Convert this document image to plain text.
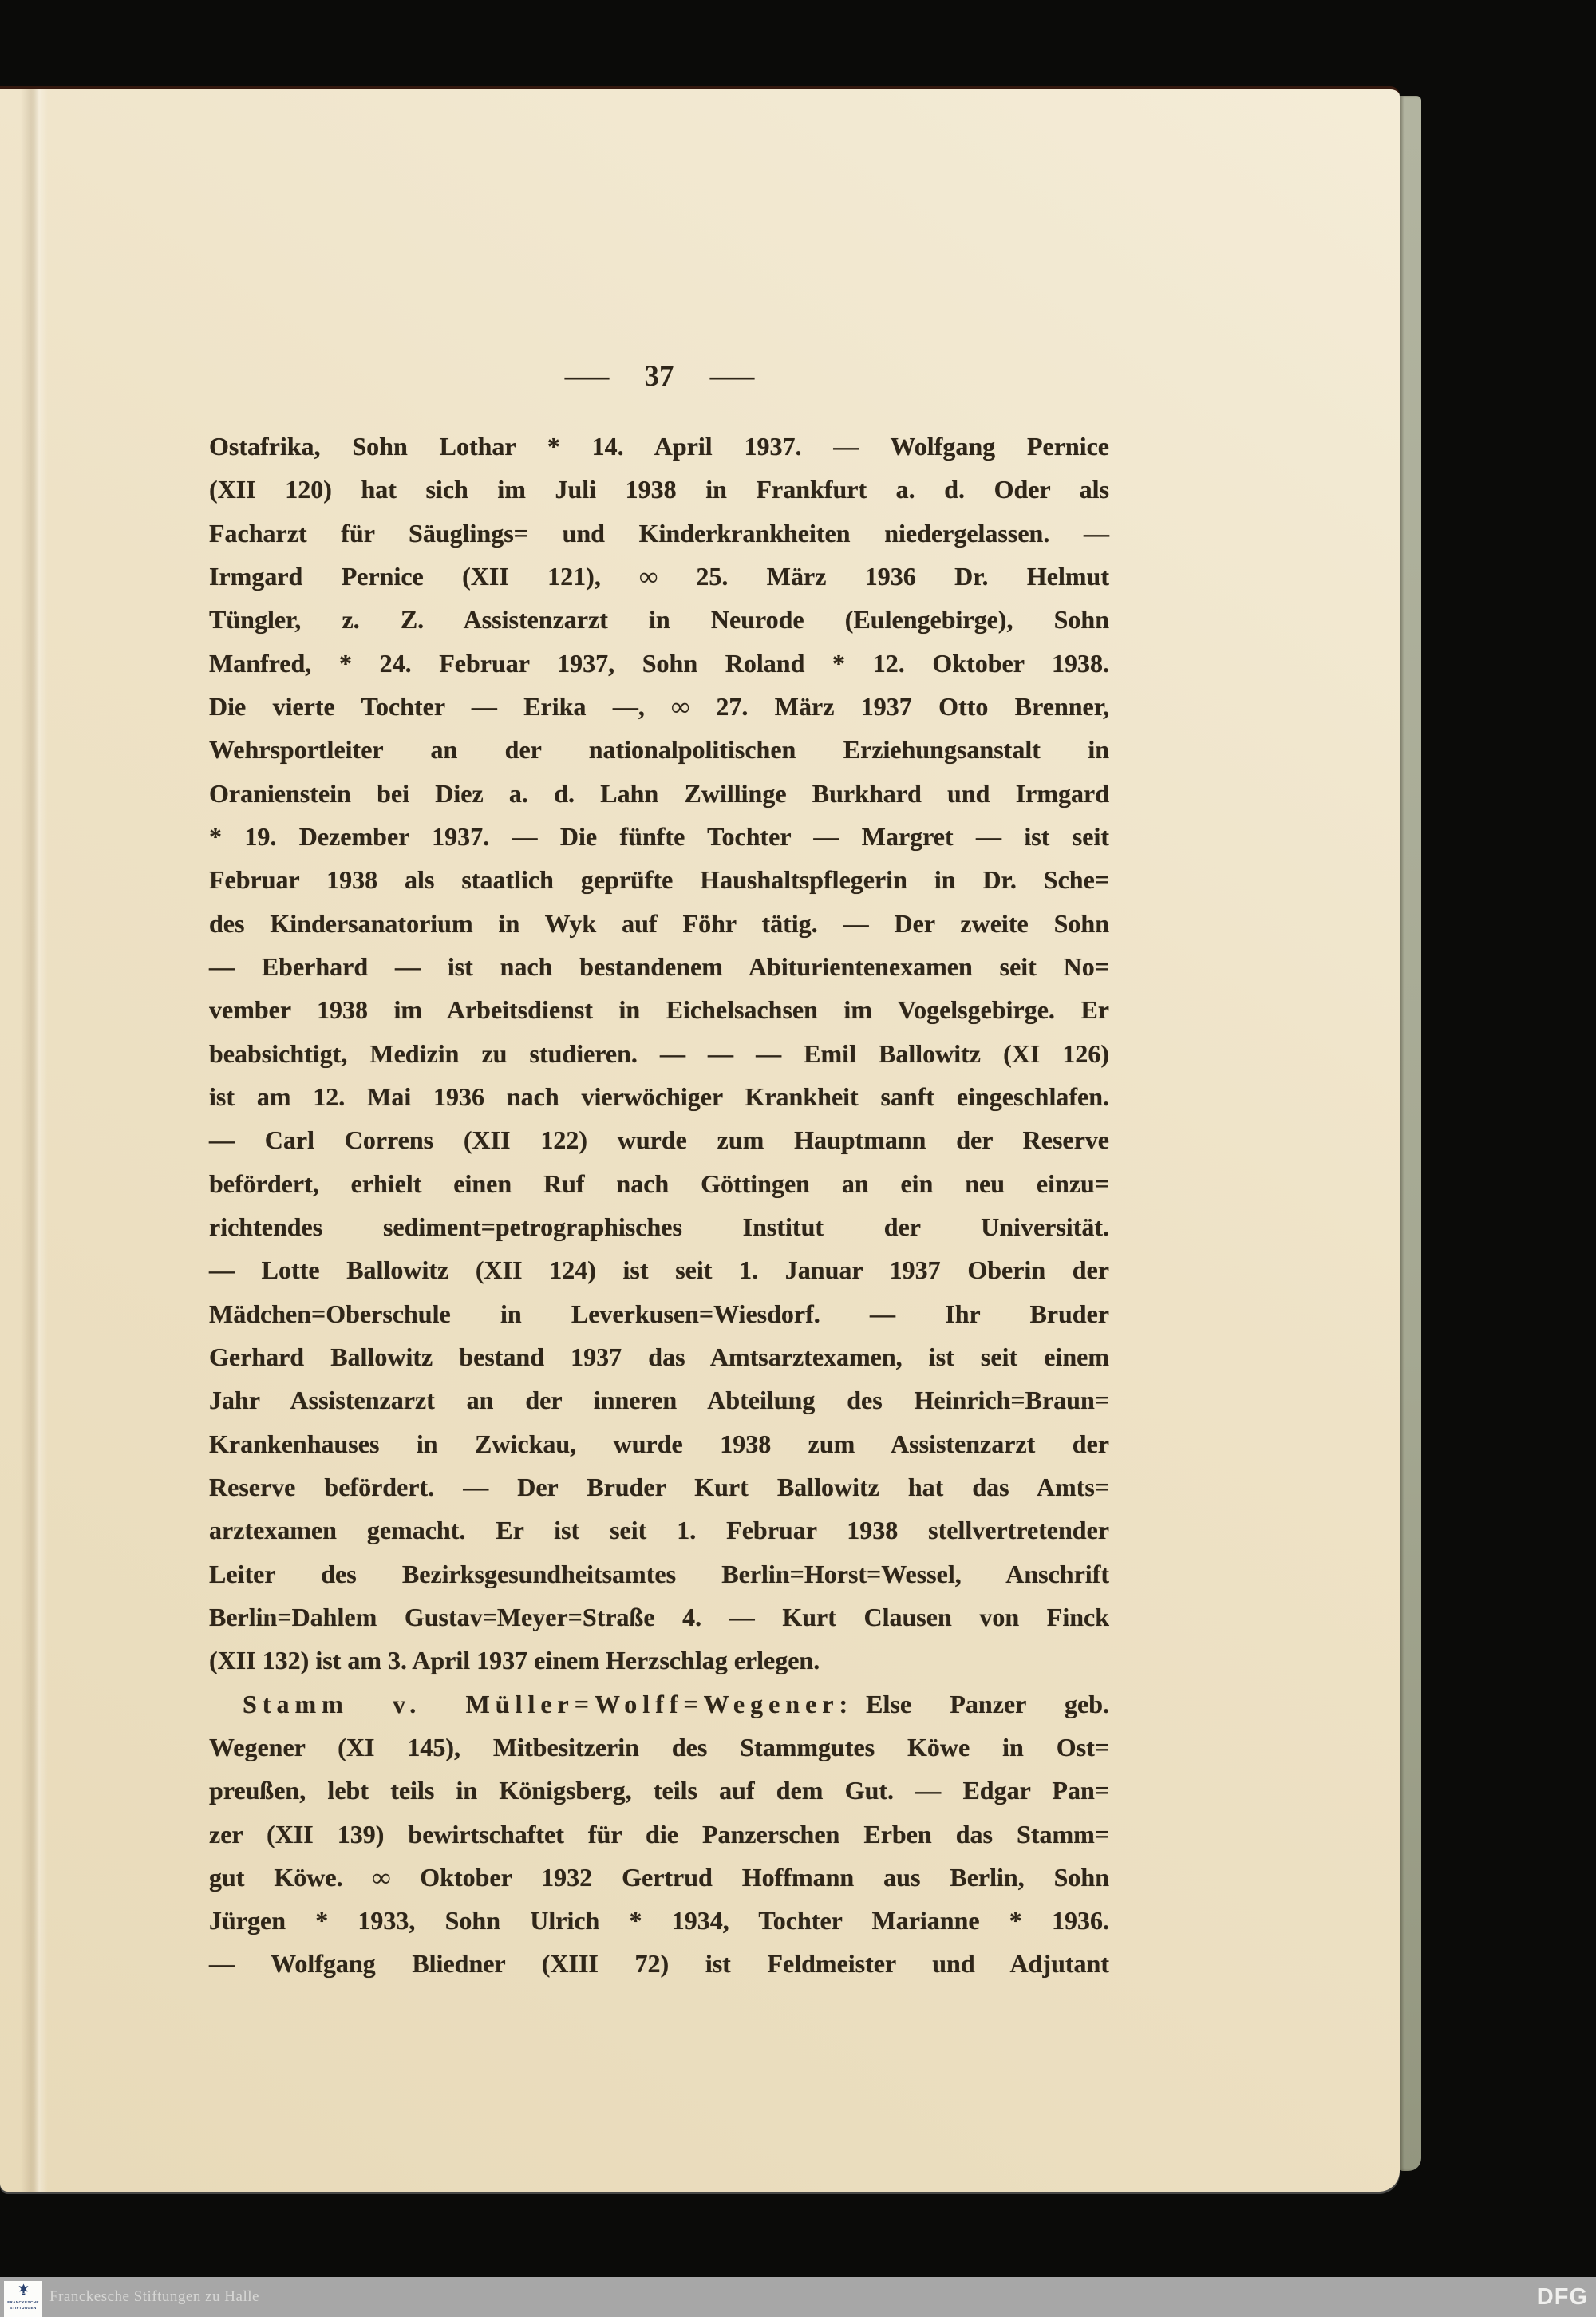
— 37 —
Ostafrika, Sohn Lothar * 14. April 1937. — Wolfgang Pernice
(XII 120) hat sich im Juli 1938 in Frankfurt a. d. Oder als
Facharzt für Säuglings= und Kinderkrankheiten niedergelassen. —
Irmgard Pernice (XII 121), ∞ 25. März 1936 Dr. Helmut
Tüngler, z. Z. Assistenzarzt in Neurode (Eulengebirge), Sohn
Manfred, * 24. Februar 1937, Sohn Roland * 12. Oktober 1938.
Die vierte Tochter — Erika —, ∞ 27. März 1937 Otto Brenner,
Wehrsportleiter an der nationalpolitischen Erziehungsanstalt in
Oranienstein bei Diez a. d. Lahn Zwillinge Burkhard und Irmgard
* 19. Dezember 1937. — Die fünfte Tochter — Margret — ist seit
Februar 1938 als staatlich geprüfte Haushaltspflegerin in Dr. Sche=
des Kindersanatorium in Wyk auf Föhr tätig. — Der zweite Sohn
— Eberhard — ist nach bestandenem Abiturientenexamen seit No=
vember 1938 im Arbeitsdienst in Eichelsachsen im Vogelsgebirge. Er
beabsichtigt, Medizin zu studieren. — — — Emil Ballowitz (XI 126)
ist am 12. Mai 1936 nach vierwöchiger Krankheit sanft eingeschlafen.
— Carl Correns (XII 122) wurde zum Hauptmann der Reserve
befördert, erhielt einen Ruf nach Göttingen an ein neu einzu=
richtendes sediment=petrographisches Institut der Universität.
— Lotte Ballowitz (XII 124) ist seit 1. Januar 1937 Oberin der
Mädchen=Oberschule in Leverkusen=Wiesdorf. — Ihr Bruder
Gerhard Ballowitz bestand 1937 das Amtsarztexamen, ist seit einem
Jahr Assistenzarzt an der inneren Abteilung des Heinrich=Braun=
Krankenhauses in Zwickau, wurde 1938 zum Assistenzarzt der
Reserve befördert. — Der Bruder Kurt Ballowitz hat das Amts=
arztexamen gemacht. Er ist seit 1. Februar 1938 stellvertretender
Leiter des Bezirksgesundheitsamtes Berlin=Horst=Wessel, Anschrift
Berlin=Dahlem Gustav=Meyer=Straße 4. — Kurt Clausen von Finck
(XII 132) ist am 3. April 1937 einem Herzschlag erlegen.
Stamm v. Müller=Wolff=Wegener: Else Panzer geb.
Wegener (XI 145), Mitbesitzerin des Stammgutes Köwe in Ost=
preußen, lebt teils in Königsberg, teils auf dem Gut. — Edgar Pan=
zer (XII 139) bewirtschaftet für die Panzerschen Erben das Stamm=
gut Köwe. ∞ Oktober 1932 Gertrud Hoffmann aus Berlin, Sohn
Jürgen * 1933, Sohn Ulrich * 1934, Tochter Marianne * 1936.
— Wolfgang Bliedner (XIII 72) ist Feldmeister und Adjutant
FRANCKESCHE
STIFTUNGEN
Franckesche Stiftungen zu Halle	DFG
